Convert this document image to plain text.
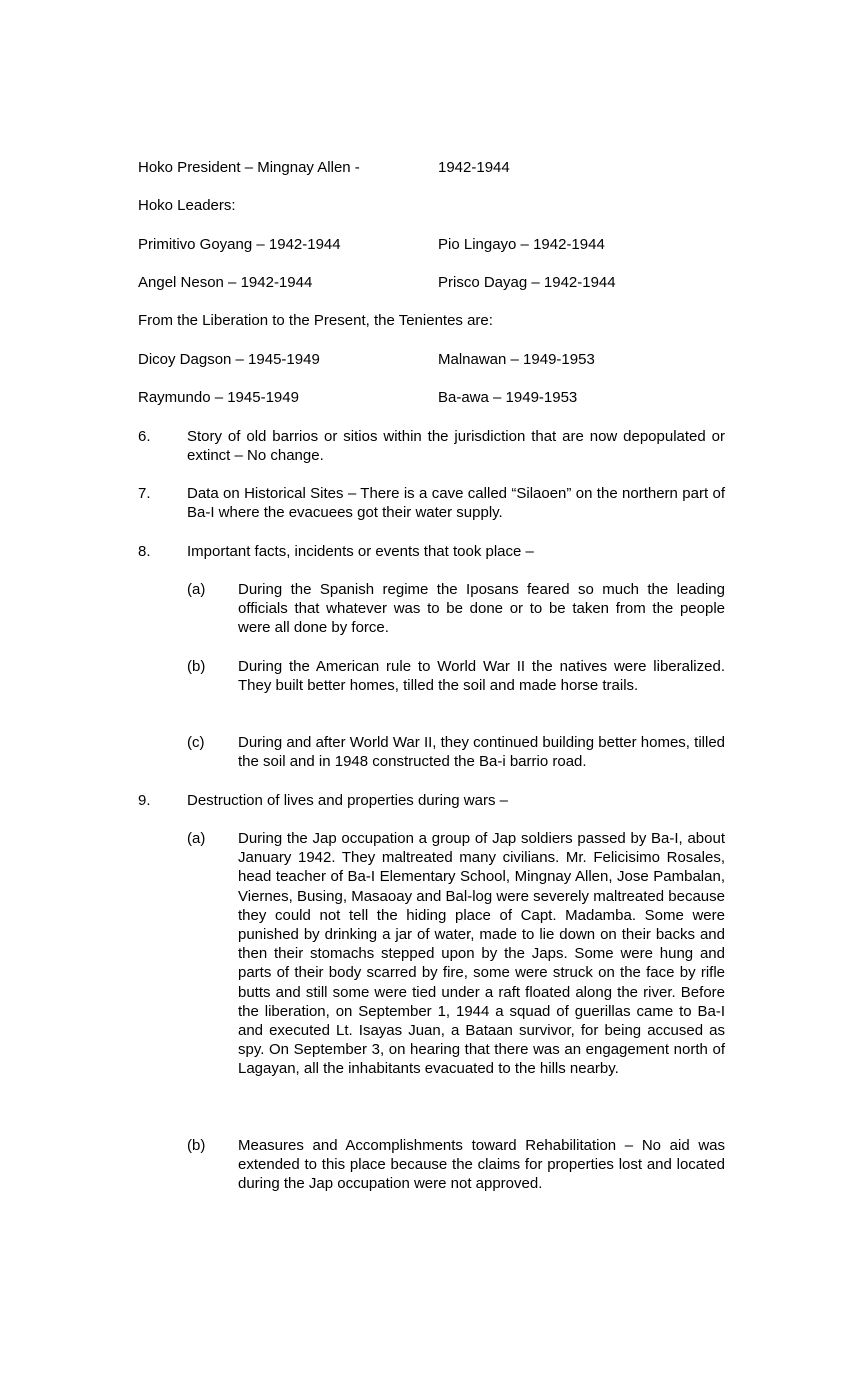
Hoko President – Mingnay Allen -	1942-1944
Hoko Leaders:
Primitivo Goyang – 1942-1944	Pio Lingayo – 1942-1944
Angel Neson – 1942-1944	Prisco Dayag – 1942-1944
From the Liberation to the Present, the Tenientes are:
Dicoy Dagson – 1945-1949	Malnawan – 1949-1953
Raymundo – 1945-1949	Ba-awa – 1949-1953
6. Story of old barrios or sitios within the jurisdiction that are now depopulated or extinct – No change.
7. Data on Historical Sites – There is a cave called “Silaoen” on the northern part of Ba-I where the evacuees got their water supply.
8. Important facts, incidents or events that took place –
(a) During the Spanish regime the Iposans feared so much the leading officials that whatever was to be done or to be taken from the people were all done by force.
(b) During the American rule to World War II the natives were liberalized. They built better homes, tilled the soil and made horse trails.
(c) During and after World War II, they continued building better homes, tilled the soil and in 1948 constructed the Ba-i barrio road.
9. Destruction of lives and properties during wars –
(a) During the Jap occupation a group of Jap soldiers passed by Ba-I, about January 1942. They maltreated many civilians. Mr. Felicisimo Rosales, head teacher of Ba-I Elementary School, Mingnay Allen, Jose Pambalan, Viernes, Busing, Masaoay and Bal-log were severely maltreated because they could not tell the hiding place of Capt. Madamba. Some were punished by drinking a jar of water, made to lie down on their backs and then their stomachs stepped upon by the Japs. Some were hung and parts of their body scarred by fire, some were struck on the face by rifle butts and still some were tied under a raft floated along the river. Before the liberation, on September 1, 1944 a squad of guerillas came to Ba-I and executed Lt. Isayas Juan, a Bataan survivor, for being accused as spy. On September 3, on hearing that there was an engagement north of Lagayan, all the inhabitants evacuated to the hills nearby.
(b) Measures and Accomplishments toward Rehabilitation – No aid was extended to this place because the claims for properties lost and located during the Jap occupation were not approved.
